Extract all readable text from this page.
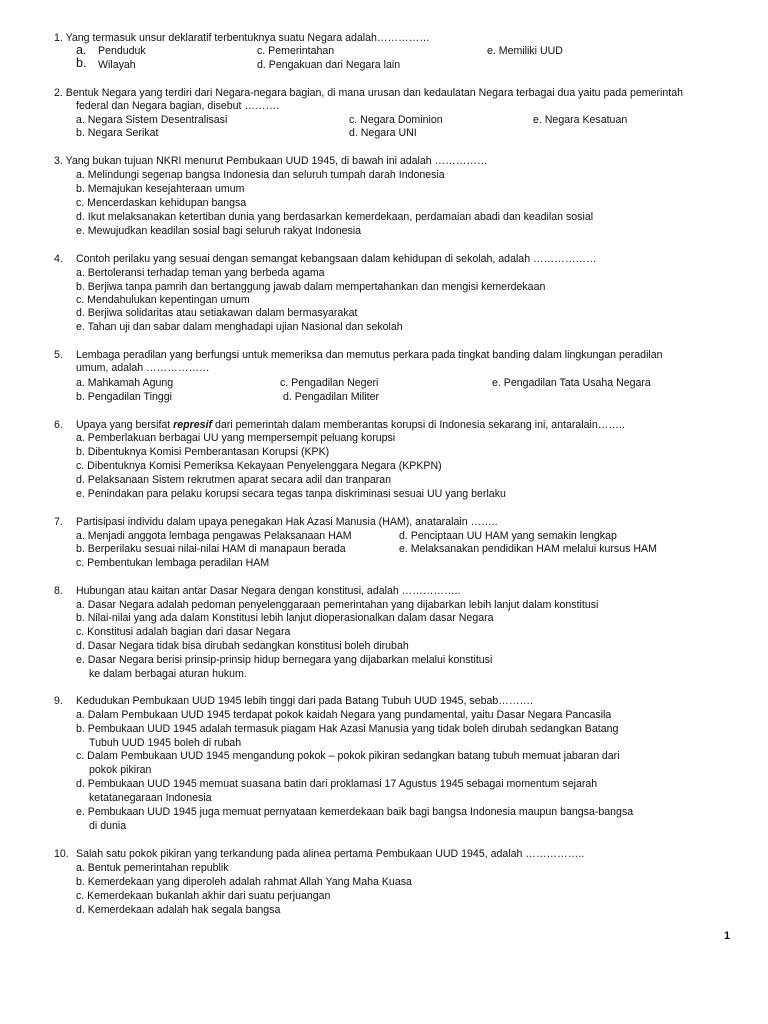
1. Yang termasuk unsur deklaratif terbentuknya suatu Negara adalah……………
a. Penduduk	c. Pemerintahan	e. Memiliki UUD
b. Wilayah	d. Pengakuan dari Negara lain
2. Bentuk Negara yang terdiri dari Negara-negara bagian, di mana urusan dan kedaulatan Negara terbagai dua yaitu pada pemerintah
federal dan Negara bagian, disebut ……….
a. Negara Sistem Desentralisasi	c. Negara Dominion	e. Negara Kesatuan
b. Negara Serikat	d. Negara UNI
3. Yang bukan tujuan NKRI menurut Pembukaan UUD 1945, di bawah ini adalah ……………
a. Melindungi segenap bangsa Indonesia dan seluruh tumpah darah Indonesia
b. Memajukan kesejahteraan umum
c. Mencerdaskan kehidupan bangsa
d. Ikut melaksanakan ketertiban dunia yang berdasarkan kemerdekaan, perdamaian abadi dan keadilan sosial
e. Mewujudkan keadilan sosial bagi seluruh rakyat Indonesia
4. Contoh perilaku yang sesuai dengan semangat kebangsaan dalam kehidupan di sekolah, adalah ………………
a. Bertoleransi terhadap teman yang berbeda agama
b. Berjiwa tanpa pamrih dan bertanggung jawab dalam mempertahankan dan mengisi kemerdekaan
c. Mendahulukan kepentingan umum
d. Berjiwa solidaritas atau setiakawan dalam bermasyarakat
e. Tahan uji dan sabar dalam menghadapi ujian Nasional dan sekolah
5. Lembaga peradilan yang berfungsi untuk memeriksa dan memutus perkara pada tingkat banding dalam lingkungan peradilan
umum, adalah ………………
a. Mahkamah Agung	c. Pengadilan Negeri	e. Pengadilan Tata Usaha Negara
b. Pengadilan Tinggi	d. Pengadilan Militer
6. Upaya yang bersifat represif dari pemerintah dalam memberantas korupsi di Indonesia sekarang ini, antaralain……..
a. Pemberlakuan berbagai UU yang mempersempit peluang korupsi
b. Dibentuknya Komisi Pemberantasan Korupsi (KPK)
c. Dibentuknya Komisi Pemeriksa Kekayaan Penyelenggara Negara (KPKPN)
d. Pelaksanaan Sistem rekrutmen aparat secara adil dan tranparan
e. Penindakan para pelaku korupsi secara tegas tanpa diskriminasi sesuai UU yang berlaku
7. Partisipasi individu dalam upaya penegakan Hak Azasi Manusia (HAM), anataralain ……..
a. Menjadi anggota lembaga pengawas Pelaksanaan HAM	d. Penciptaan UU HAM yang semakin lengkap
b. Berperilaku sesuai nilai-nilai HAM di manapaun berada	e. Melaksanakan pendidikan HAM melalui kursus HAM
c. Pembentukan lembaga peradilan HAM
8. Hubungan atau kaitan antar Dasar Negara dengan konstitusi, adalah ……………..
a. Dasar Negara adalah pedoman penyelenggaraan pemerintahan yang dijabarkan lebih lanjut dalam konstitusi
b. Nilai-nilai yang ada dalam Konstitusi lebih lanjut dioperasionalkan dalam dasar Negara
c. Konstitusi adalah bagian dari dasar Negara
d. Dasar Negara tidak bisa dirubah sedangkan konstitusi boleh dirubah
e. Dasar Negara berisi prinsip-prinsip hidup bernegara yang dijabarkan melalui konstitusi
ke dalam berbagai aturan hukum.
9. Kedudukan Pembukaan UUD 1945 lebih tinggi dari pada Batang Tubuh UUD 1945, sebab……….
a. Dalam Pembukaan UUD 1945 terdapat pokok kaidah Negara yang pundamental, yaitu Dasar Negara Pancasila
b. Pembukaan UUD 1945 adalah termasuk piagam Hak Azasi Manusia yang tidak boleh dirubah sedangkan Batang
Tubuh UUD 1945 boleh di rubah
c. Dalam Pembukaan UUD 1945 mengandung pokok – pokok pikiran sedangkan batang tubuh memuat jabaran dari
pokok pikiran
d. Pembukaan UUD 1945 memuat suasana batin dari proklamasi 17 Agustus 1945 sebagai momentum sejarah
ketatanegaraan Indonesia
e. Pembukaan UUD 1945 juga memuat pernyataan kemerdekaan baik bagi bangsa Indonesia maupun bangsa-bangsa
di dunia
10. Salah satu pokok pikiran yang terkandung pada alinea pertama Pembukaan UUD 1945, adalah ……………..
a. Bentuk pemerintahan republik
b. Kemerdekaan yang diperoleh adalah rahmat Allah Yang Maha Kuasa
c. Kemerdekaan bukanlah akhir dari suatu perjuangan
d. Kemerdekaan adalah hak segala bangsa
1
